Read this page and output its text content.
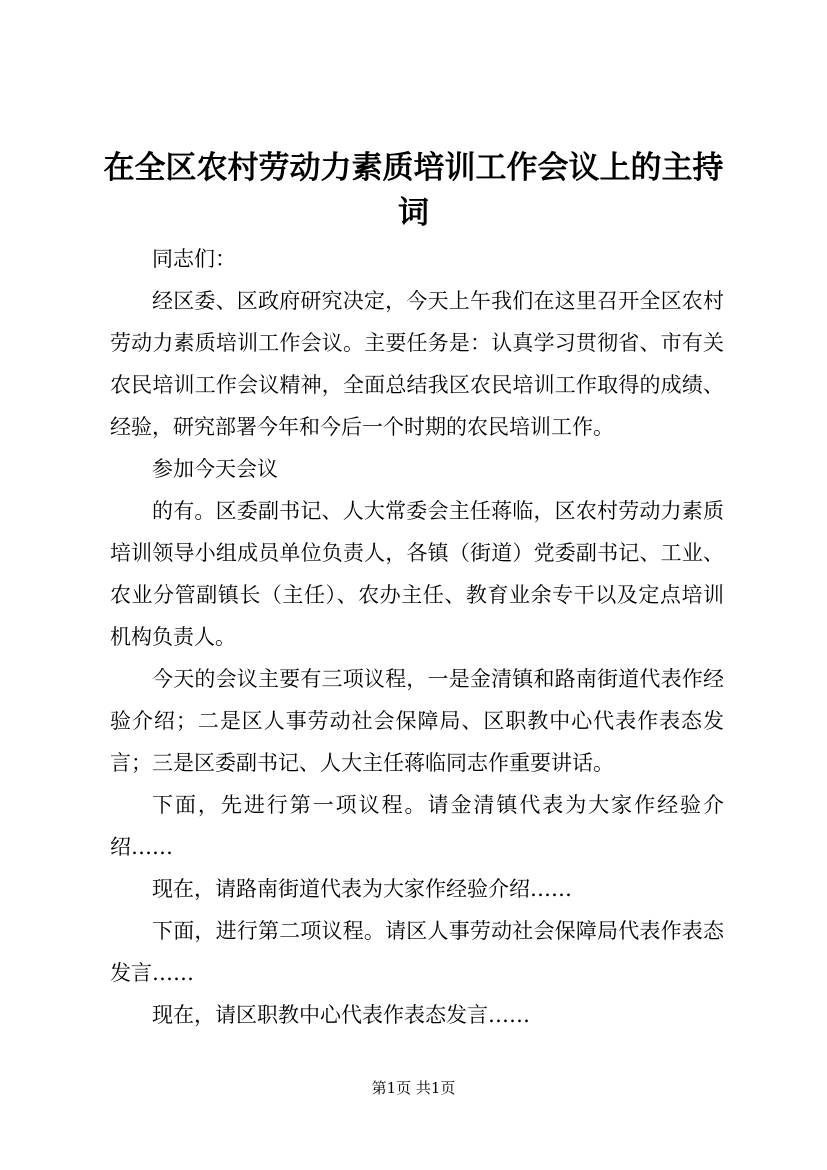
在全区农村劳动力素质培训工作会议上的主持词

同志们：

经区委、区政府研究决定，今天上午我们在这里召开全区农村劳动力素质培训工作会议。主要任务是：认真学习贯彻省、市有关农民培训工作会议精神，全面总结我区农民培训工作取得的成绩、经验，研究部署今年和今后一个时期的农民培训工作。

参加今天会议

的有。区委副书记、人大常委会主任蒋临，区农村劳动力素质培训领导小组成员单位负责人，各镇（街道）党委副书记、工业、农业分管副镇长（主任）、农办主任、教育业余专干以及定点培训机构负责人。

今天的会议主要有三项议程，一是金清镇和路南街道代表作经验介绍；二是区人事劳动社会保障局、区职教中心代表作表态发言；三是区委副书记、人大主任蒋临同志作重要讲话。

下面，先进行第一项议程。请金清镇代表为大家作经验介绍……

现在，请路南街道代表为大家作经验介绍……

下面，进行第二项议程。请区人事劳动社会保障局代表作表态发言……

现在，请区职教中心代表作表态发言……

第1页 共1页
